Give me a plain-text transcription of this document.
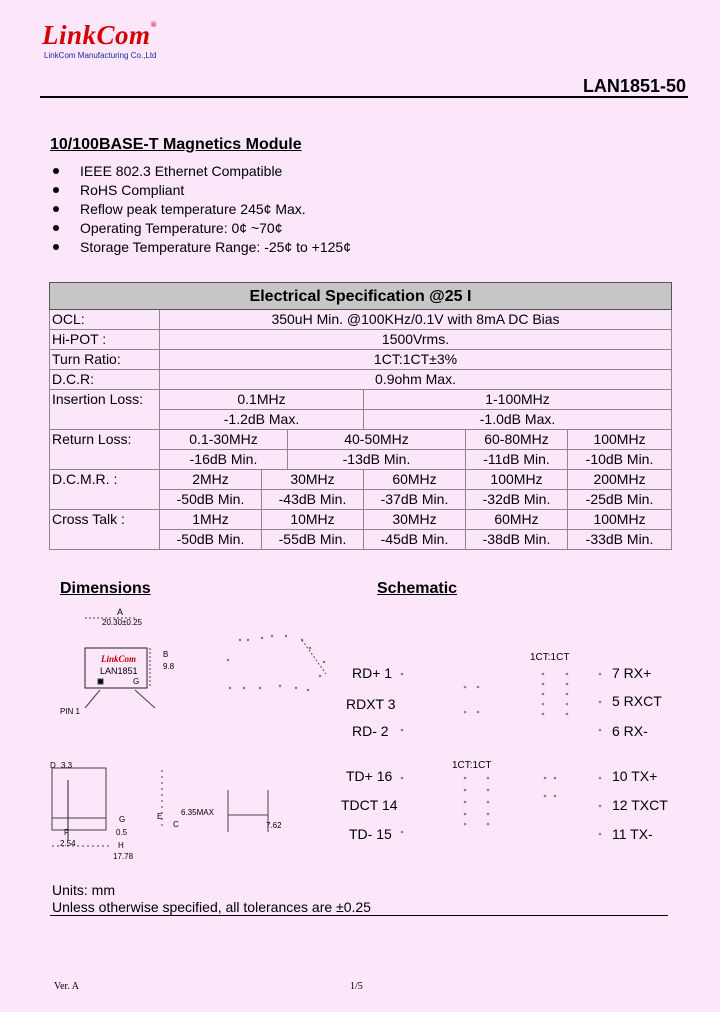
LinkCom®
LinkCom Manufacturing Co.,Ltd
LAN1851-50
10/100BASE-T Magnetics Module
IEEE 802.3 Ethernet Compatible
RoHS Compliant
Reflow peak temperature 245¢ Max.
Operating Temperature: 0¢ ~70¢
Storage Temperature Range: -25¢ to +125¢
Electrical Specification @25 I						
OCL:	350uH Min. @100KHz/0.1V with 8mA DC Bias					
Hi-POT :	1500Vrms.					
Turn Ratio:	1CT:1CT±3%					
D.C.R:	0.9ohm Max.					
Insertion Loss:	0.1MHz			1-100MHz		
	-1.2dB Max.			-1.0dB Max.		
Return Loss:	0.1-30MHz		40-50MHz		60-80MHz	100MHz
	-16dB Min.		-13dB Min.		-11dB Min.	-10dB Min.
D.C.M.R. :	2MHz	30MHz		60MHz	100MHz	200MHz
	-50dB Min.	-43dB Min.		-37dB Min.	-32dB Min.	-25dB Min.
Cross Talk :	1MHz	10MHz		30MHz	60MHz	100MHz
	-50dB Min.	-55dB Min.		-45dB Min.	-38dB Min.	-33dB Min.
Dimensions	Schematic
A
20.30±0.25
LinkCom
LAN1851
G
B
9.8
PIN 1
D 3.3
E
C
6.35MAX
G
0.5
F
2.54	H
17.78
7.62
1CT:1CT
1CT:1CT
RD+ 1
RDXT 3
RD- 2
TD+ 16
TDCT 14
TD- 15
7 RX+
5 RXCT
6 RX-
10 TX+
12 TXCT
11 TX-
Units: mm
Unless otherwise specified, all tolerances are ±0.25
Ver. A	1/5
